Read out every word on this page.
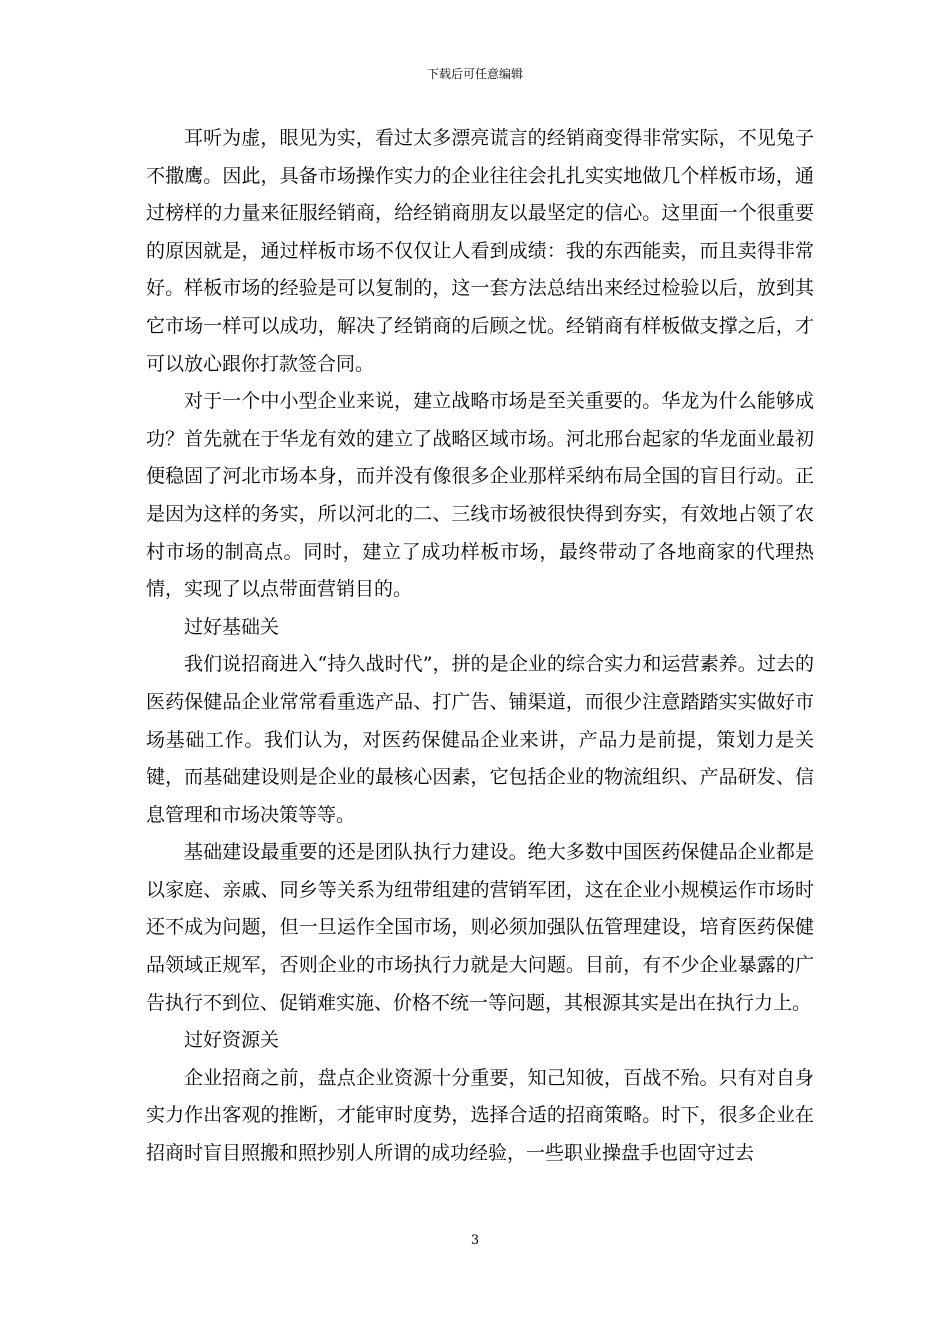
下载后可任意编辑

耳听为虚，眼见为实，看过太多漂亮谎言的经销商变得非常实际，不见兔子不撒鹰。因此，具备市场操作实力的企业往往会扎扎实实地做几个样板市场，通过榜样的力量来征服经销商，给经销商朋友以最坚定的信心。这里面一个很重要的原因就是，通过样板市场不仅仅让人看到成绩：我的东西能卖，而且卖得非常好。样板市场的经验是可以复制的，这一套方法总结出来经过检验以后，放到其它市场一样可以成功，解决了经销商的后顾之忧。经销商有样板做支撑之后，才可以放心跟你打款签合同。

对于一个中小型企业来说，建立战略市场是至关重要的。华龙为什么能够成功？首先就在于华龙有效的建立了战略区域市场。河北邢台起家的华龙面业最初便稳固了河北市场本身，而并没有像很多企业那样采纳布局全国的盲目行动。正是因为这样的务实，所以河北的二、三线市场被很快得到夯实，有效地占领了农村市场的制高点。同时，建立了成功样板市场，最终带动了各地商家的代理热情，实现了以点带面营销目的。

过好基础关

我们说招商进入“持久战时代”，拼的是企业的综合实力和运营素养。过去的医药保健品企业常常看重选产品、打广告、铺渠道，而很少注意踏踏实实做好市场基础工作。我们认为，对医药保健品企业来讲，产品力是前提，策划力是关键，而基础建设则是企业的最核心因素，它包括企业的物流组织、产品研发、信息管理和市场决策等等。

基础建设最重要的还是团队执行力建设。绝大多数中国医药保健品企业都是以家庭、亲戚、同乡等关系为纽带组建的营销军团，这在企业小规模运作市场时还不成为问题，但一旦运作全国市场，则必须加强队伍管理建设，培育医药保健品领域正规军，否则企业的市场执行力就是大问题。目前，有不少企业暴露的广告执行不到位、促销难实施、价格不统一等问题，其根源其实是出在执行力上。

过好资源关

企业招商之前，盘点企业资源十分重要，知己知彼，百战不殆。只有对自身实力作出客观的推断，才能审时度势，选择合适的招商策略。时下，很多企业在招商时盲目照搬和照抄别人所谓的成功经验，一些职业操盘手也固守过去

3
